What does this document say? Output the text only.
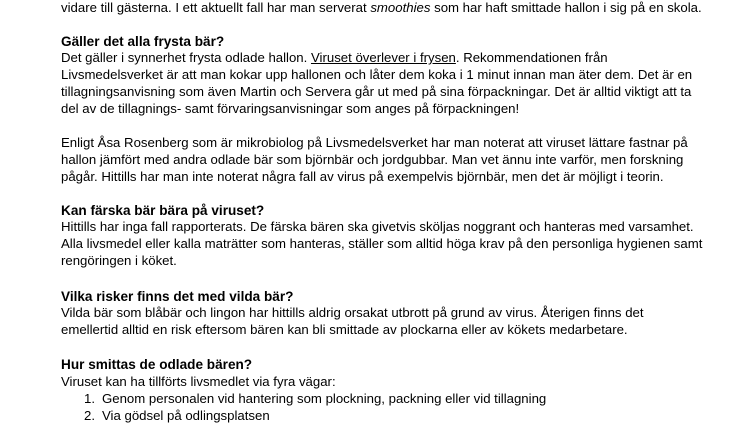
vidare till gästerna. I ett aktuellt fall har man serverat smoothies som har haft smittade hallon i sig på en skola.
Gäller det alla frysta bär?
Det gäller i synnerhet frysta odlade hallon. Viruset överlever i frysen. Rekommendationen från
Livsmedelsverket är att man kokar upp hallonen och låter dem koka i 1 minut innan man äter dem. Det är en
tillagningsanvisning som även Martin och Servera går ut med på sina förpackningar. Det är alltid viktigt att ta
del av de tillagnings- samt förvaringsanvisningar som anges på förpackningen!
Enligt Åsa Rosenberg som är mikrobiolog på Livsmedelsverket har man noterat att viruset lättare fastnar på
hallon jämfört med andra odlade bär som björnbär och jordgubbar. Man vet ännu inte varför, men forskning
pågår. Hittills har man inte noterat några fall av virus på exempelvis björnbär, men det är möjligt i teorin.
Kan färska bär bära på viruset?
Hittills har inga fall rapporterats. De färska bären ska givetvis sköljas noggrant och hanteras med varsamhet.
Alla livsmedel eller kalla maträtter som hanteras, ställer som alltid höga krav på den personliga hygienen samt
rengöringen i köket.
Vilka risker finns det med vilda bär?
Vilda bär som blåbär och lingon har hittills aldrig orsakat utbrott på grund av virus. Återigen finns det
emellertid alltid en risk eftersom bären kan bli smittade av plockarna eller av kökets medarbetare.
Hur smittas de odlade bären?
Viruset kan ha tillförts livsmedlet via fyra vägar:
1. Genom personalen vid hantering som plockning, packning eller vid tillagning
2. Via gödsel på odlingsplatsen
